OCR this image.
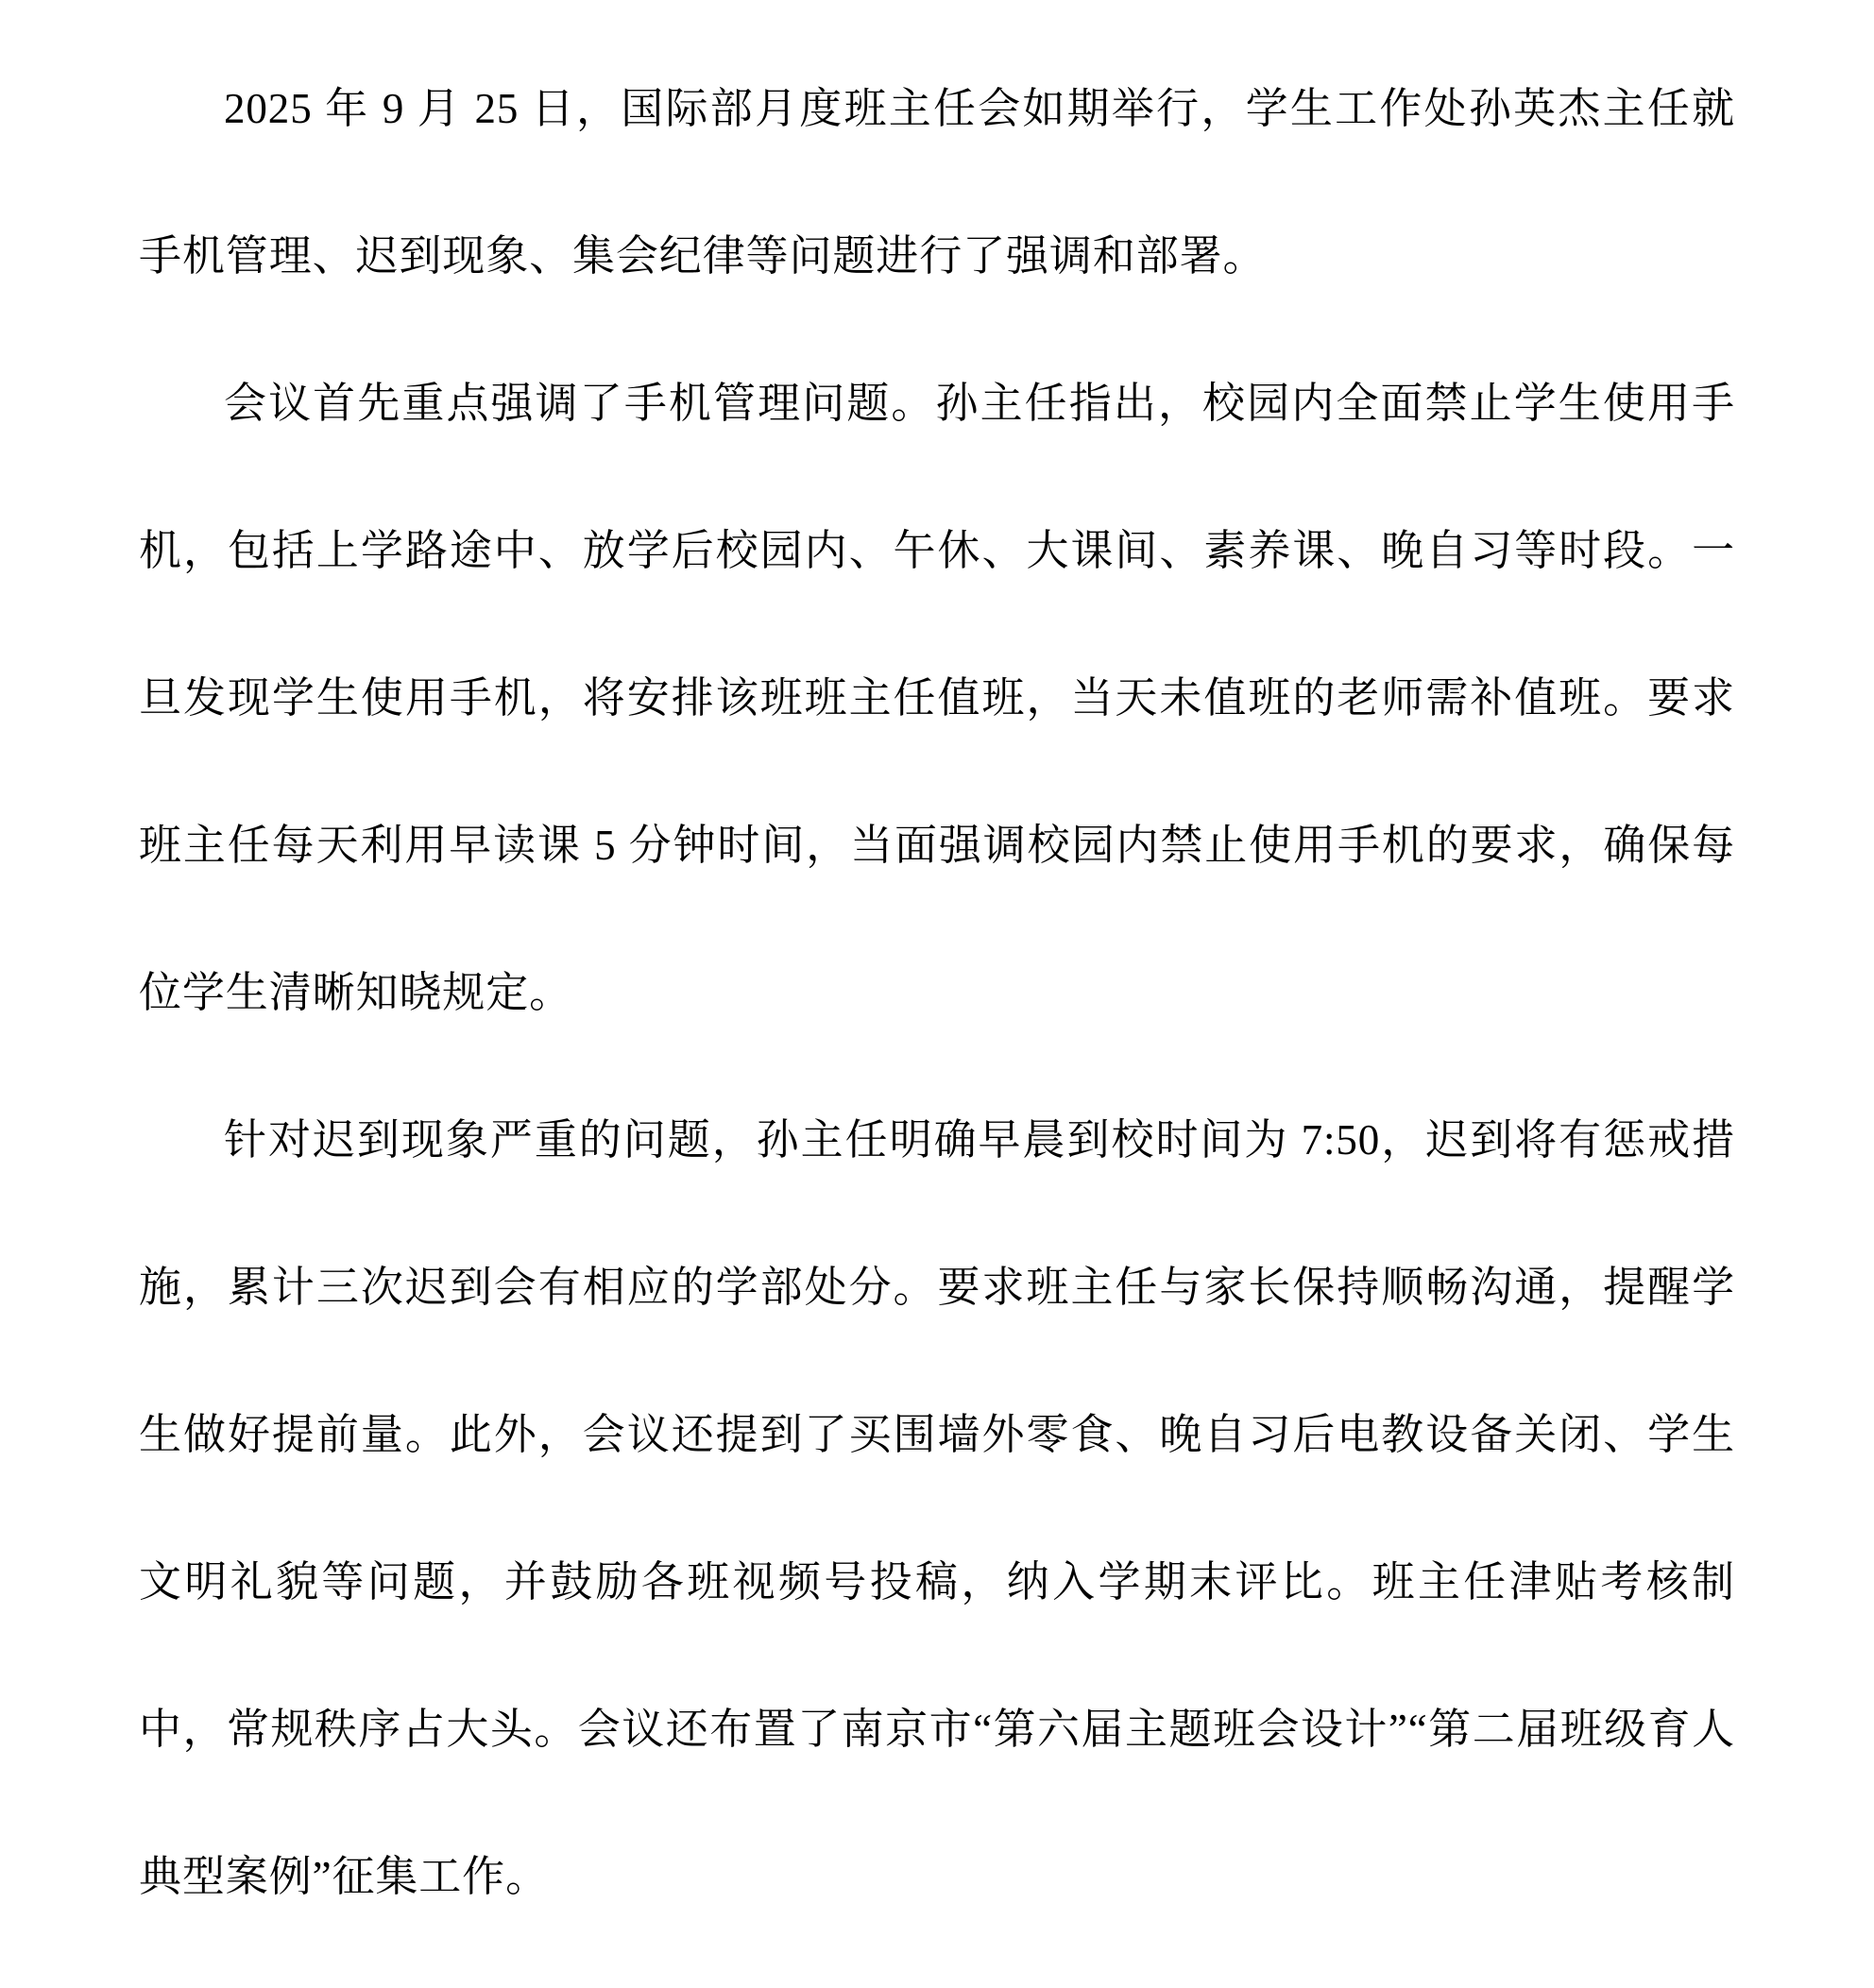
2025 年 9 月 25 日，国际部月度班主任会如期举行，学生工作处孙英杰主任就手机管理、迟到现象、集会纪律等问题进行了强调和部署。

会议首先重点强调了手机管理问题。孙主任指出，校园内全面禁止学生使用手机，包括上学路途中、放学后校园内、午休、大课间、素养课、晚自习等时段。一旦发现学生使用手机，将安排该班班主任值班，当天未值班的老师需补值班。要求班主任每天利用早读课 5 分钟时间，当面强调校园内禁止使用手机的要求，确保每位学生清晰知晓规定。

针对迟到现象严重的问题，孙主任明确早晨到校时间为 7:50，迟到将有惩戒措施，累计三次迟到会有相应的学部处分。要求班主任与家长保持顺畅沟通，提醒学生做好提前量。此外，会议还提到了买围墙外零食、晚自习后电教设备关闭、学生文明礼貌等问题，并鼓励各班视频号投稿，纳入学期末评比。班主任津贴考核制中，常规秩序占大头。会议还布置了南京市“第六届主题班会设计”“第二届班级育人典型案例”征集工作。
